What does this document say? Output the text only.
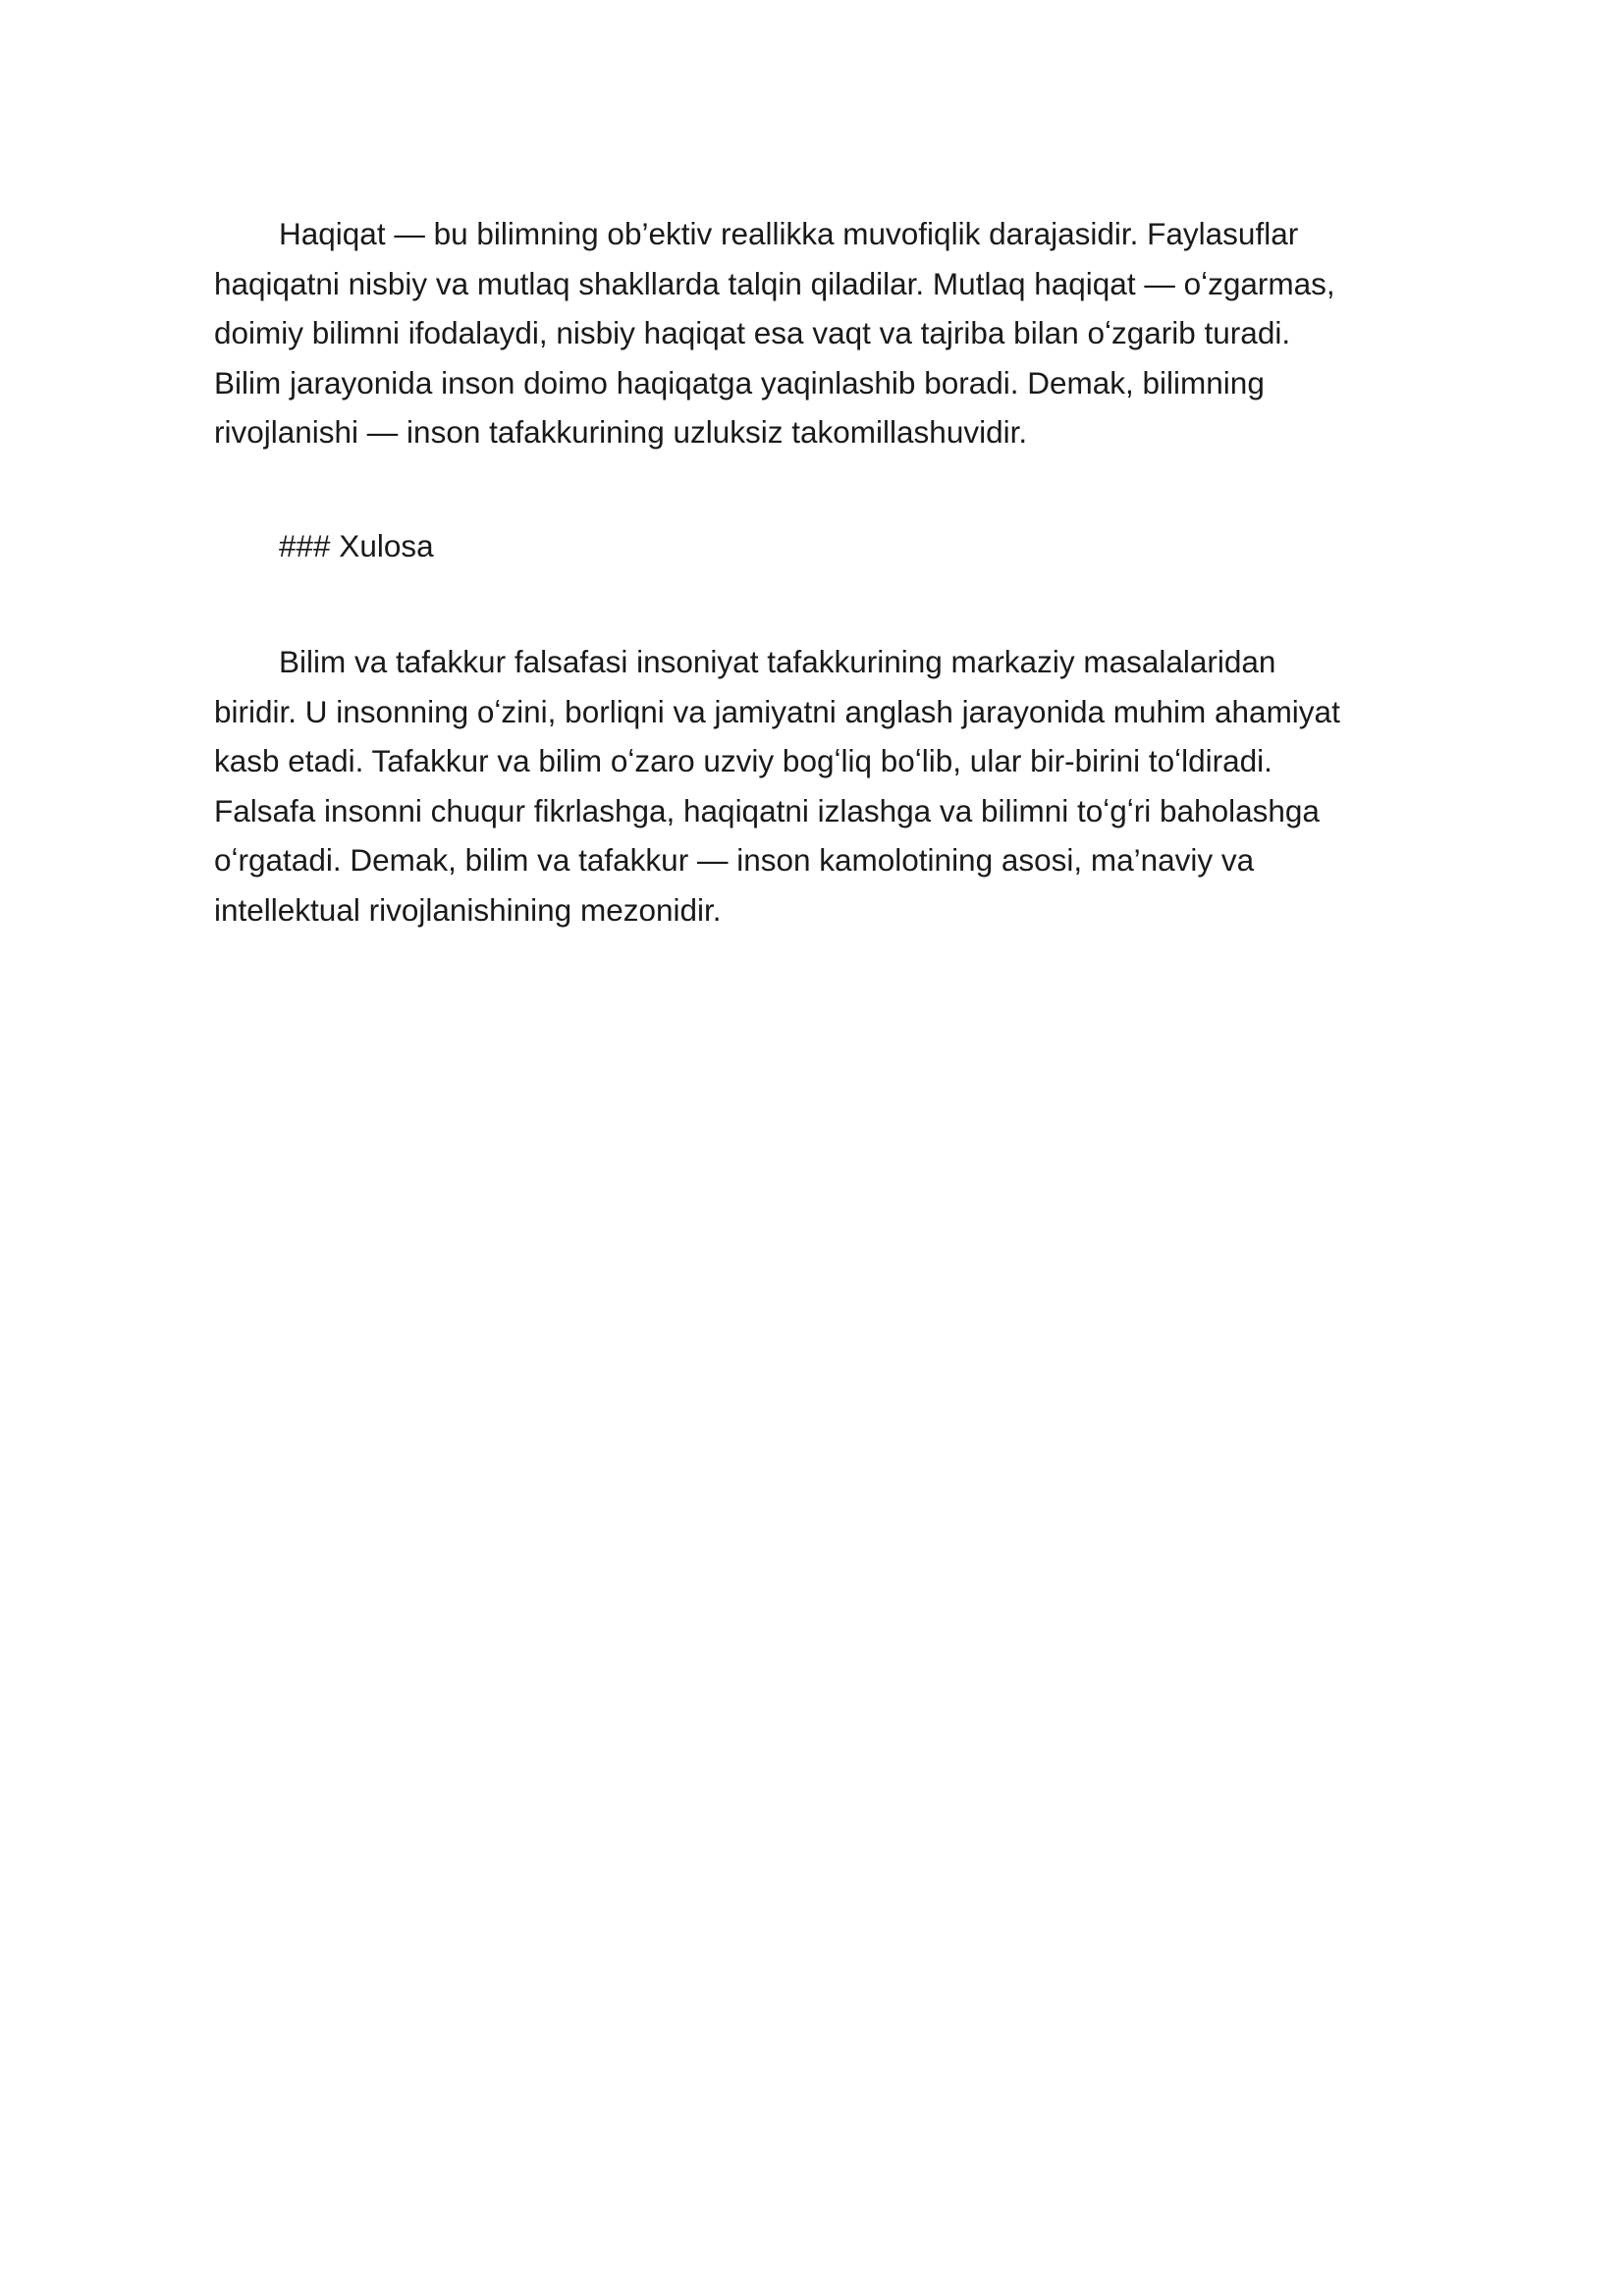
Haqiqat — bu bilimning ob’ektiv reallikka muvofiqlik darajasidir. Faylasuflar
haqiqatni nisbiy va mutlaq shakllarda talqin qiladilar. Mutlaq haqiqat — oʻzgarmas,
doimiy bilimni ifodalaydi, nisbiy haqiqat esa vaqt va tajriba bilan oʻzgarib turadi.
Bilim jarayonida inson doimo haqiqatga yaqinlashib boradi. Demak, bilimning
rivojlanishi — inson tafakkurining uzluksiz takomillashuvidir.
### Xulosa
Bilim va tafakkur falsafasi insoniyat tafakkurining markaziy masalalaridan
biridir. U insonning oʻzini, borliqni va jamiyatni anglash jarayonida muhim ahamiyat
kasb etadi. Tafakkur va bilim oʻzaro uzviy bogʻliq boʻlib, ular bir-birini toʻldiradi.
Falsafa insonni chuqur fikrlashga, haqiqatni izlashga va bilimni toʻgʻri baholashga
oʻrgatadi. Demak, bilim va tafakkur — inson kamolotining asosi, ma’naviy va
intellektual rivojlanishining mezonidir.
